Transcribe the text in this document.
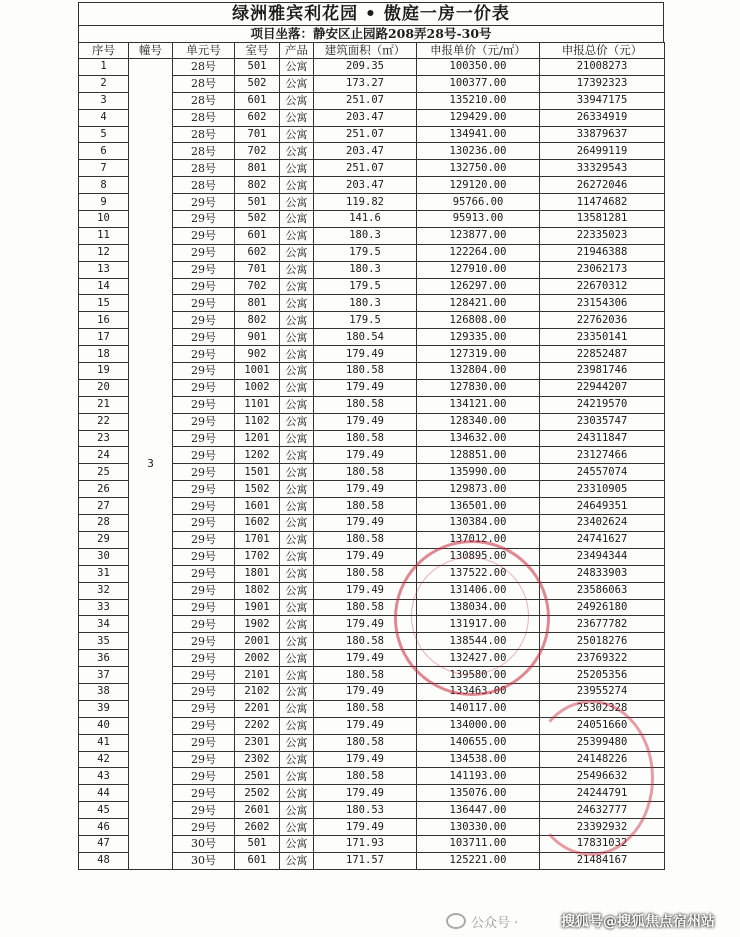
绿洲雅宾利花园 • 傲庭一房一价表
项目坐落：静安区止园路208弄28号-30号
序号	幢号	单元号	室号	产品	建筑面积（㎡）	申报单价（元/㎡）	申报总价（元）
1	3	28号	501	公寓	209.35	100350.00	21008273
2		28号	502	公寓	173.27	100377.00	17392323
3		28号	601	公寓	251.07	135210.00	33947175
4		28号	602	公寓	203.47	129429.00	26334919
5		28号	701	公寓	251.07	134941.00	33879637
6		28号	702	公寓	203.47	130236.00	26499119
7		28号	801	公寓	251.07	132750.00	33329543
8		28号	802	公寓	203.47	129120.00	26272046
9		29号	501	公寓	119.82	95766.00	11474682
10		29号	502	公寓	141.6	95913.00	13581281
11		29号	601	公寓	180.3	123877.00	22335023
12		29号	602	公寓	179.5	122264.00	21946388
13		29号	701	公寓	180.3	127910.00	23062173
14		29号	702	公寓	179.5	126297.00	22670312
15		29号	801	公寓	180.3	128421.00	23154306
16		29号	802	公寓	179.5	126808.00	22762036
17		29号	901	公寓	180.54	129335.00	23350141
18		29号	902	公寓	179.49	127319.00	22852487
19		29号	1001	公寓	180.58	132804.00	23981746
20		29号	1002	公寓	179.49	127830.00	22944207
21		29号	1101	公寓	180.58	134121.00	24219570
22		29号	1102	公寓	179.49	128340.00	23035747
23		29号	1201	公寓	180.58	134632.00	24311847
24		29号	1202	公寓	179.49	128851.00	23127466
25		29号	1501	公寓	180.58	135990.00	24557074
26		29号	1502	公寓	179.49	129873.00	23310905
27		29号	1601	公寓	180.58	136501.00	24649351
28		29号	1602	公寓	179.49	130384.00	23402624
29		29号	1701	公寓	180.58	137012.00	24741627
30		29号	1702	公寓	179.49	130895.00	23494344
31		29号	1801	公寓	180.58	137522.00	24833903
32		29号	1802	公寓	179.49	131406.00	23586063
33		29号	1901	公寓	180.58	138034.00	24926180
34		29号	1902	公寓	179.49	131917.00	23677782
35		29号	2001	公寓	180.58	138544.00	25018276
36		29号	2002	公寓	179.49	132427.00	23769322
37		29号	2101	公寓	180.58	139580.00	25205356
38		29号	2102	公寓	179.49	133463.00	23955274
39		29号	2201	公寓	180.58	140117.00	25302328
40		29号	2202	公寓	179.49	134000.00	24051660
41		29号	2301	公寓	180.58	140655.00	25399480
42		29号	2302	公寓	179.49	134538.00	24148226
43		29号	2501	公寓	180.58	141193.00	25496632
44		29号	2502	公寓	179.49	135076.00	24244791
45		29号	2601	公寓	180.53	136447.00	24632777
46		29号	2602	公寓	179.49	130330.00	23392932
47		30号	501	公寓	171.93	103711.00	17831032
48		30号	601	公寓	171.57	125221.00	21484167
公众号 ·	搜狐号@搜狐焦点宿州站
